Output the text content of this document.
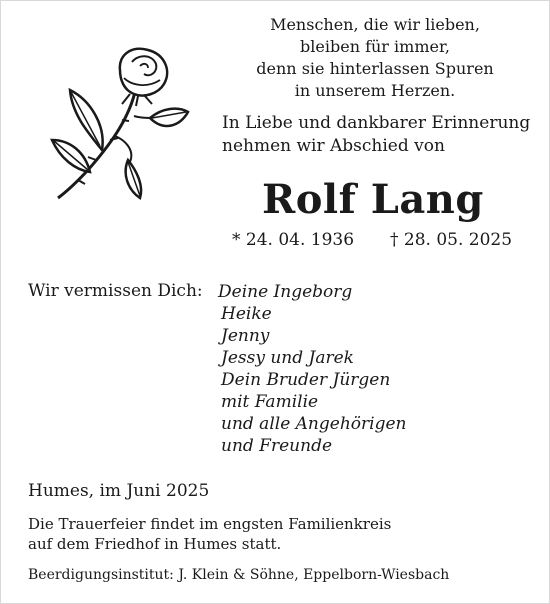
Menschen, die wir lieben,
bleiben für immer,
denn sie hinterlassen Spuren
in unserem Herzen.
In Liebe und dankbarer Erinnerung
nehmen wir Abschied von
Rolf Lang
* 24. 04. 1936 † 28. 05. 2025
Wir vermissen Dich: Deine Ingeborg
Heike
Jenny
Jessy und Jarek
Dein Bruder Jürgen
mit Familie
und alle Angehörigen
und Freunde
Humes, im Juni 2025
Die Trauerfeier findet im engsten Familienkreis
auf dem Friedhof in Humes statt.
Beerdigungsinstitut: J. Klein & Söhne, Eppelborn-Wiesbach
